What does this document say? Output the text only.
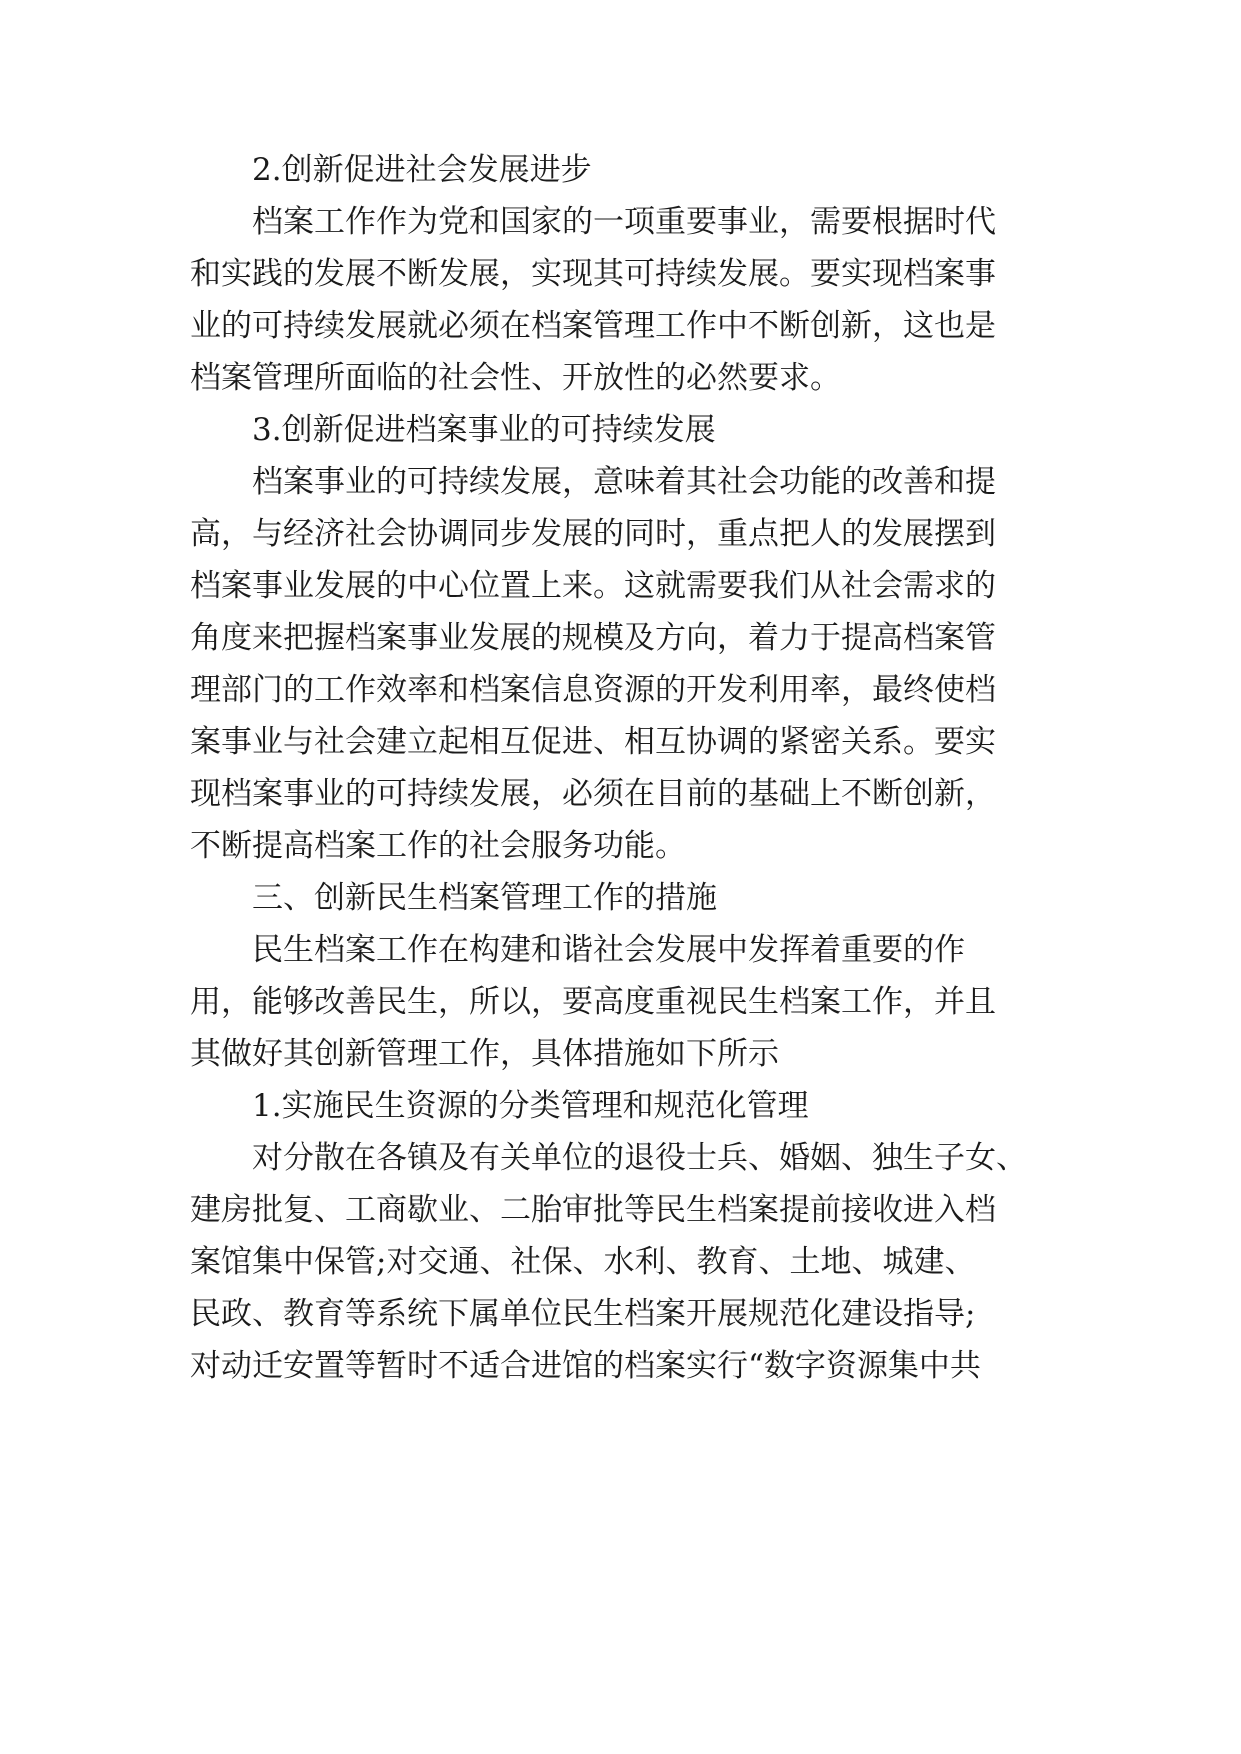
2.创新促进社会发展进步
档案工作作为党和国家的一项重要事业，需要根据时代
和实践的发展不断发展，实现其可持续发展。要实现档案事
业的可持续发展就必须在档案管理工作中不断创新，这也是
档案管理所面临的社会性、开放性的必然要求。
3.创新促进档案事业的可持续发展
档案事业的可持续发展，意味着其社会功能的改善和提
高，与经济社会协调同步发展的同时，重点把人的发展摆到
档案事业发展的中心位置上来。这就需要我们从社会需求的
角度来把握档案事业发展的规模及方向，着力于提高档案管
理部门的工作效率和档案信息资源的开发利用率，最终使档
案事业与社会建立起相互促进、相互协调的紧密关系。要实
现档案事业的可持续发展，必须在目前的基础上不断创新，
不断提高档案工作的社会服务功能。
三、创新民生档案管理工作的措施
民生档案工作在构建和谐社会发展中发挥着重要的作
用，能够改善民生，所以，要高度重视民生档案工作，并且
其做好其创新管理工作，具体措施如下所示
1.实施民生资源的分类管理和规范化管理
对分散在各镇及有关单位的退役士兵、婚姻、独生子女、
建房批复、工商歇业、二胎审批等民生档案提前接收进入档
案馆集中保管;对交通、社保、水利、教育、土地、城建、
民政、教育等系统下属单位民生档案开展规范化建设指导;
对动迁安置等暂时不适合进馆的档案实行“数字资源集中共
